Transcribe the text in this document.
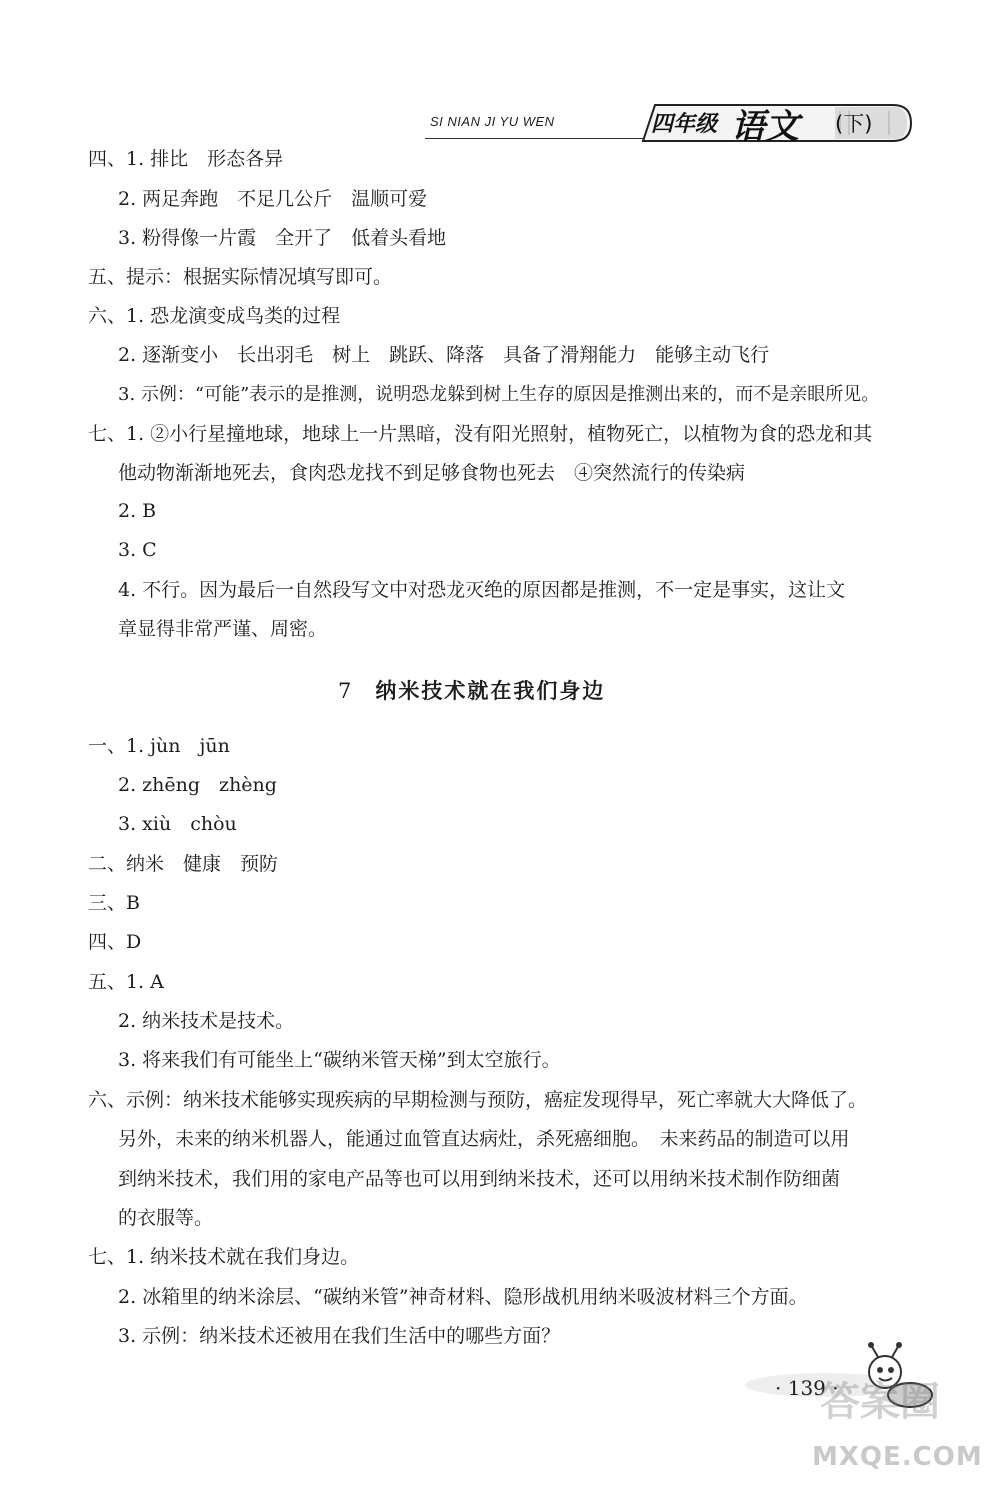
SI NIAN JI YU WEN	四年级 语文 (下)
四、1. 排比　形态各异
2. 两足奔跑　不足几公斤　温顺可爱
3. 粉得像一片霞　全开了　低着头看地
五、提示：根据实际情况填写即可。
六、1. 恐龙演变成鸟类的过程
2. 逐渐变小　长出羽毛　树上　跳跃、降落　具备了滑翔能力　能够主动飞行
3. 示例：“可能”表示的是推测，说明恐龙躲到树上生存的原因是推测出来的，而不是亲眼所见。
七、1. ②小行星撞地球，地球上一片黑暗，没有阳光照射，植物死亡，以植物为食的恐龙和其
他动物渐渐地死去，食肉恐龙找不到足够食物也死去　④突然流行的传染病
2. B
3. C
4. 不行。因为最后一自然段写文中对恐龙灭绝的原因都是推测，不一定是事实，这让文
章显得非常严谨、周密。
7 纳米技术就在我们身边
一、1. jùn　jūn
2. zhēng　zhèng
3. xiù　chòu
二、纳米　健康　预防
三、B
四、D
五、1. A
2. 纳米技术是技术。
3. 将来我们有可能坐上“碳纳米管天梯”到太空旅行。
六、示例：纳米技术能够实现疾病的早期检测与预防，癌症发现得早，死亡率就大大降低了。
另外，未来的纳米机器人，能通过血管直达病灶，杀死癌细胞。　未来药品的制造可以用
到纳米技术，我们用的家电产品等也可以用到纳米技术，还可以用纳米技术制作防细菌
的衣服等。
七、1. 纳米技术就在我们身边。
2. 冰箱里的纳米涂层、“碳纳米管”神奇材料、隐形战机用纳米吸波材料三个方面。
3. 示例：纳米技术还被用在我们生活中的哪些方面？
· 139 ·
答案圈
MXQE.COM
